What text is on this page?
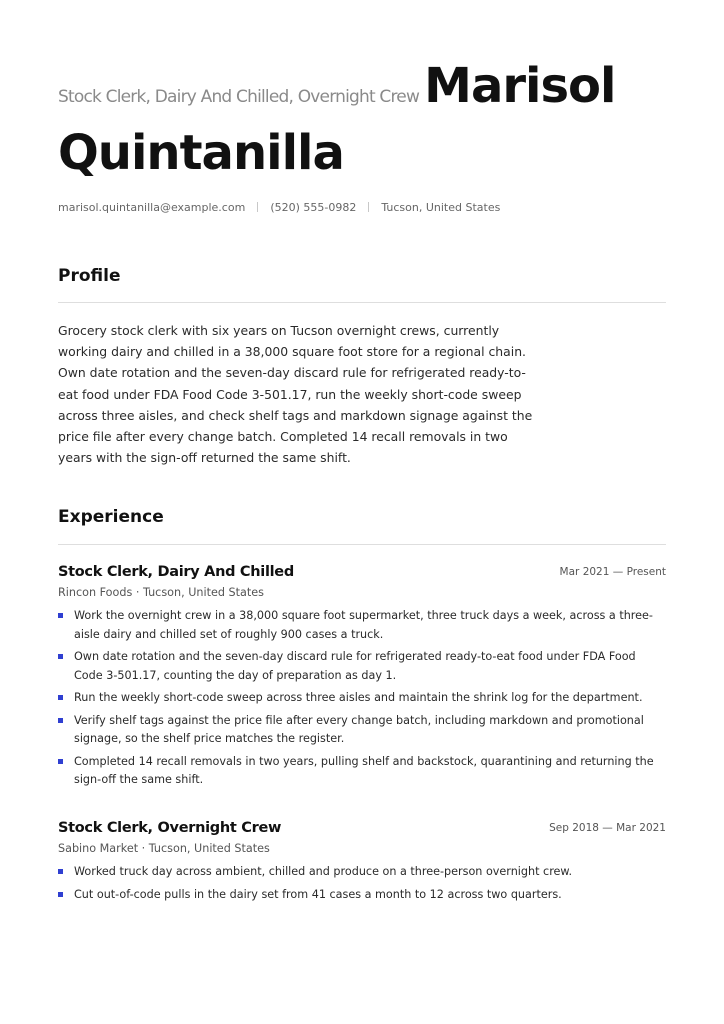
Stock Clerk, Dairy And Chilled, Overnight Crew Marisol
Quintanilla
marisol.quintanilla@example.com (520) 555-0982 Tucson, United States
Profile
Grocery stock clerk with six years on Tucson overnight crews, currently working dairy and chilled in a 38,000 square foot store for a regional chain. Own date rotation and the seven-day discard rule for refrigerated ready-to-eat food under FDA Food Code 3-501.17, run the weekly short-code sweep across three aisles, and check shelf tags and markdown signage against the price file after every change batch. Completed 14 recall removals in two years with the sign-off returned the same shift.
Experience
Stock Clerk, Dairy And Chilled	Mar 2021 — Present
Rincon Foods · Tucson, United States
Work the overnight crew in a 38,000 square foot supermarket, three truck days a week, across a three-aisle dairy and chilled set of roughly 900 cases a truck.
Own date rotation and the seven-day discard rule for refrigerated ready-to-eat food under FDA Food Code 3-501.17, counting the day of preparation as day 1.
Run the weekly short-code sweep across three aisles and maintain the shrink log for the department.
Verify shelf tags against the price file after every change batch, including markdown and promotional signage, so the shelf price matches the register.
Completed 14 recall removals in two years, pulling shelf and backstock, quarantining and returning the sign-off the same shift.
Stock Clerk, Overnight Crew	Sep 2018 — Mar 2021
Sabino Market · Tucson, United States
Worked truck day across ambient, chilled and produce on a three-person overnight crew.
Cut out-of-code pulls in the dairy set from 41 cases a month to 12 across two quarters.
